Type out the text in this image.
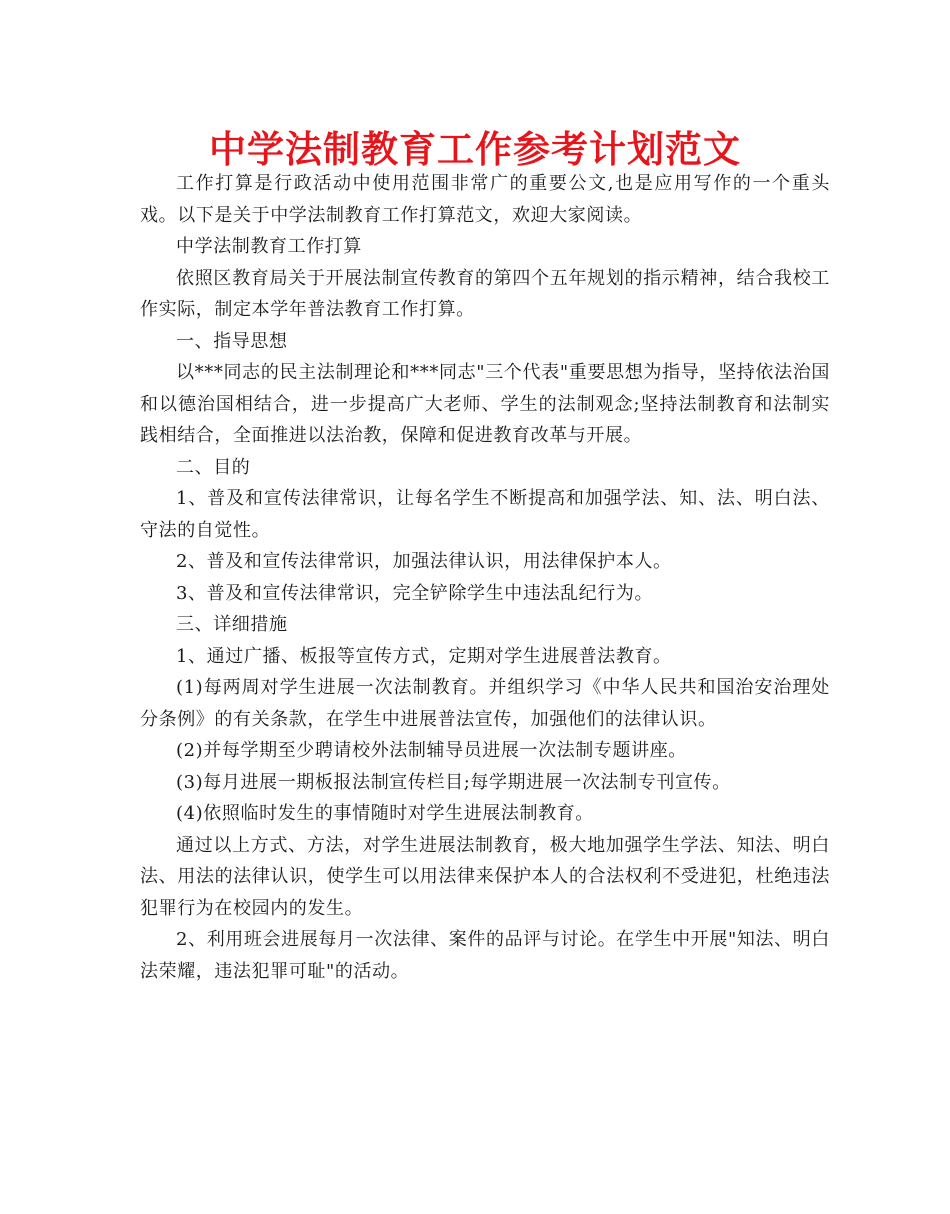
中学法制教育工作参考计划范文

工作打算是行政活动中使用范围非常广的重要公文,也是应用写作的一个重头戏。以下是关于中学法制教育工作打算范文，欢迎大家阅读。

中学法制教育工作打算

依照区教育局关于开展法制宣传教育的第四个五年规划的指示精神，结合我校工作实际，制定本学年普法教育工作打算。

一、指导思想

以***同志的民主法制理论和***同志"三个代表"重要思想为指导，坚持依法治国和以德治国相结合，进一步提高广大老师、学生的法制观念;坚持法制教育和法制实践相结合，全面推进以法治教，保障和促进教育改革与开展。

二、目的

1、普及和宣传法律常识，让每名学生不断提高和加强学法、知、法、明白法、守法的自觉性。

2、普及和宣传法律常识，加强法律认识，用法律保护本人。

3、普及和宣传法律常识，完全铲除学生中违法乱纪行为。

三、详细措施

1、通过广播、板报等宣传方式，定期对学生进展普法教育。

(1)每两周对学生进展一次法制教育。并组织学习《中华人民共和国治安治理处分条例》的有关条款，在学生中进展普法宣传，加强他们的法律认识。

(2)并每学期至少聘请校外法制辅导员进展一次法制专题讲座。

(3)每月进展一期板报法制宣传栏目;每学期进展一次法制专刊宣传。

(4)依照临时发生的事情随时对学生进展法制教育。

通过以上方式、方法，对学生进展法制教育，极大地加强学生学法、知法、明白法、用法的法律认识，使学生可以用法律来保护本人的合法权利不受进犯，杜绝违法犯罪行为在校园内的发生。

2、利用班会进展每月一次法律、案件的品评与讨论。在学生中开展"知法、明白法荣耀，违法犯罪可耻"的活动。
